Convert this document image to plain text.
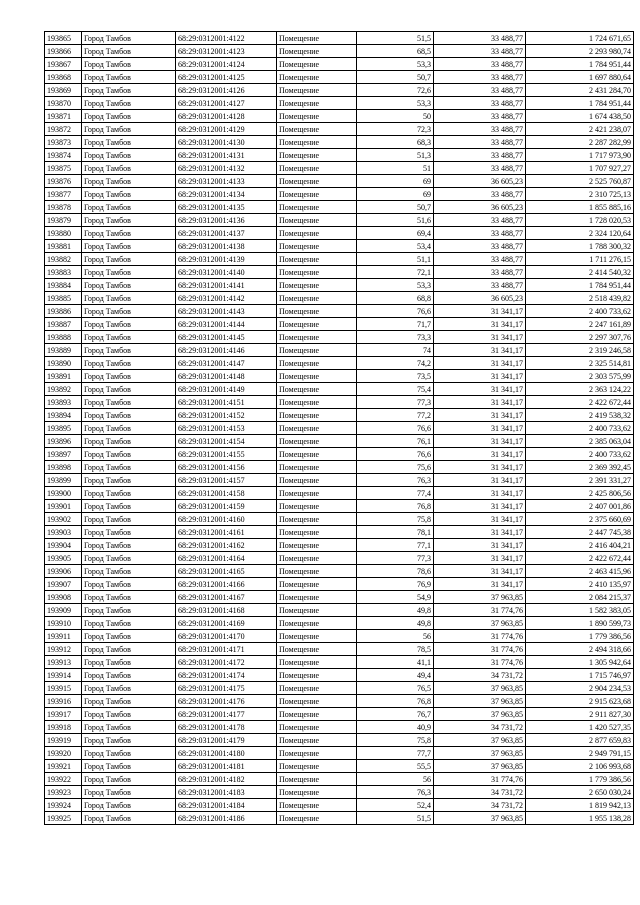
193865	Город Тамбов	68:29:0312001:4122	Помещение	51,5	33 488,77	1 724 671,65
193866	Город Тамбов	68:29:0312001:4123	Помещение	68,5	33 488,77	2 293 980,74
193867	Город Тамбов	68:29:0312001:4124	Помещение	53,3	33 488,77	1 784 951,44
193868	Город Тамбов	68:29:0312001:4125	Помещение	50,7	33 488,77	1 697 880,64
193869	Город Тамбов	68:29:0312001:4126	Помещение	72,6	33 488,77	2 431 284,70
193870	Город Тамбов	68:29:0312001:4127	Помещение	53,3	33 488,77	1 784 951,44
193871	Город Тамбов	68:29:0312001:4128	Помещение	50	33 488,77	1 674 438,50
193872	Город Тамбов	68:29:0312001:4129	Помещение	72,3	33 488,77	2 421 238,07
193873	Город Тамбов	68:29:0312001:4130	Помещение	68,3	33 488,77	2 287 282,99
193874	Город Тамбов	68:29:0312001:4131	Помещение	51,3	33 488,77	1 717 973,90
193875	Город Тамбов	68:29:0312001:4132	Помещение	51	33 488,77	1 707 927,27
193876	Город Тамбов	68:29:0312001:4133	Помещение	69	36 605,23	2 525 760,87
193877	Город Тамбов	68:29:0312001:4134	Помещение	69	33 488,77	2 310 725,13
193878	Город Тамбов	68:29:0312001:4135	Помещение	50,7	36 605,23	1 855 885,16
193879	Город Тамбов	68:29:0312001:4136	Помещение	51,6	33 488,77	1 728 020,53
193880	Город Тамбов	68:29:0312001:4137	Помещение	69,4	33 488,77	2 324 120,64
193881	Город Тамбов	68:29:0312001:4138	Помещение	53,4	33 488,77	1 788 300,32
193882	Город Тамбов	68:29:0312001:4139	Помещение	51,1	33 488,77	1 711 276,15
193883	Город Тамбов	68:29:0312001:4140	Помещение	72,1	33 488,77	2 414 540,32
193884	Город Тамбов	68:29:0312001:4141	Помещение	53,3	33 488,77	1 784 951,44
193885	Город Тамбов	68:29:0312001:4142	Помещение	68,8	36 605,23	2 518 439,82
193886	Город Тамбов	68:29:0312001:4143	Помещение	76,6	31 341,17	2 400 733,62
193887	Город Тамбов	68:29:0312001:4144	Помещение	71,7	31 341,17	2 247 161,89
193888	Город Тамбов	68:29:0312001:4145	Помещение	73,3	31 341,17	2 297 307,76
193889	Город Тамбов	68:29:0312001:4146	Помещение	74	31 341,17	2 319 246,58
193890	Город Тамбов	68:29:0312001:4147	Помещение	74,2	31 341,17	2 325 514,81
193891	Город Тамбов	68:29:0312001:4148	Помещение	73,5	31 341,17	2 303 575,99
193892	Город Тамбов	68:29:0312001:4149	Помещение	75,4	31 341,17	2 363 124,22
193893	Город Тамбов	68:29:0312001:4151	Помещение	77,3	31 341,17	2 422 672,44
193894	Город Тамбов	68:29:0312001:4152	Помещение	77,2	31 341,17	2 419 538,32
193895	Город Тамбов	68:29:0312001:4153	Помещение	76,6	31 341,17	2 400 733,62
193896	Город Тамбов	68:29:0312001:4154	Помещение	76,1	31 341,17	2 385 063,04
193897	Город Тамбов	68:29:0312001:4155	Помещение	76,6	31 341,17	2 400 733,62
193898	Город Тамбов	68:29:0312001:4156	Помещение	75,6	31 341,17	2 369 392,45
193899	Город Тамбов	68:29:0312001:4157	Помещение	76,3	31 341,17	2 391 331,27
193900	Город Тамбов	68:29:0312001:4158	Помещение	77,4	31 341,17	2 425 806,56
193901	Город Тамбов	68:29:0312001:4159	Помещение	76,8	31 341,17	2 407 001,86
193902	Город Тамбов	68:29:0312001:4160	Помещение	75,8	31 341,17	2 375 660,69
193903	Город Тамбов	68:29:0312001:4161	Помещение	78,1	31 341,17	2 447 745,38
193904	Город Тамбов	68:29:0312001:4162	Помещение	77,1	31 341,17	2 416 404,21
193905	Город Тамбов	68:29:0312001:4164	Помещение	77,3	31 341,17	2 422 672,44
193906	Город Тамбов	68:29:0312001:4165	Помещение	78,6	31 341,17	2 463 415,96
193907	Город Тамбов	68:29:0312001:4166	Помещение	76,9	31 341,17	2 410 135,97
193908	Город Тамбов	68:29:0312001:4167	Помещение	54,9	37 963,85	2 084 215,37
193909	Город Тамбов	68:29:0312001:4168	Помещение	49,8	31 774,76	1 582 383,05
193910	Город Тамбов	68:29:0312001:4169	Помещение	49,8	37 963,85	1 890 599,73
193911	Город Тамбов	68:29:0312001:4170	Помещение	56	31 774,76	1 779 386,56
193912	Город Тамбов	68:29:0312001:4171	Помещение	78,5	31 774,76	2 494 318,66
193913	Город Тамбов	68:29:0312001:4172	Помещение	41,1	31 774,76	1 305 942,64
193914	Город Тамбов	68:29:0312001:4174	Помещение	49,4	34 731,72	1 715 746,97
193915	Город Тамбов	68:29:0312001:4175	Помещение	76,5	37 963,85	2 904 234,53
193916	Город Тамбов	68:29:0312001:4176	Помещение	76,8	37 963,85	2 915 623,68
193917	Город Тамбов	68:29:0312001:4177	Помещение	76,7	37 963,85	2 911 827,30
193918	Город Тамбов	68:29:0312001:4178	Помещение	40,9	34 731,72	1 420 527,35
193919	Город Тамбов	68:29:0312001:4179	Помещение	75,8	37 963,85	2 877 659,83
193920	Город Тамбов	68:29:0312001:4180	Помещение	77,7	37 963,85	2 949 791,15
193921	Город Тамбов	68:29:0312001:4181	Помещение	55,5	37 963,85	2 106 993,68
193922	Город Тамбов	68:29:0312001:4182	Помещение	56	31 774,76	1 779 386,56
193923	Город Тамбов	68:29:0312001:4183	Помещение	76,3	34 731,72	2 650 030,24
193924	Город Тамбов	68:29:0312001:4184	Помещение	52,4	34 731,72	1 819 942,13
193925	Город Тамбов	68:29:0312001:4186	Помещение	51,5	37 963,85	1 955 138,28
